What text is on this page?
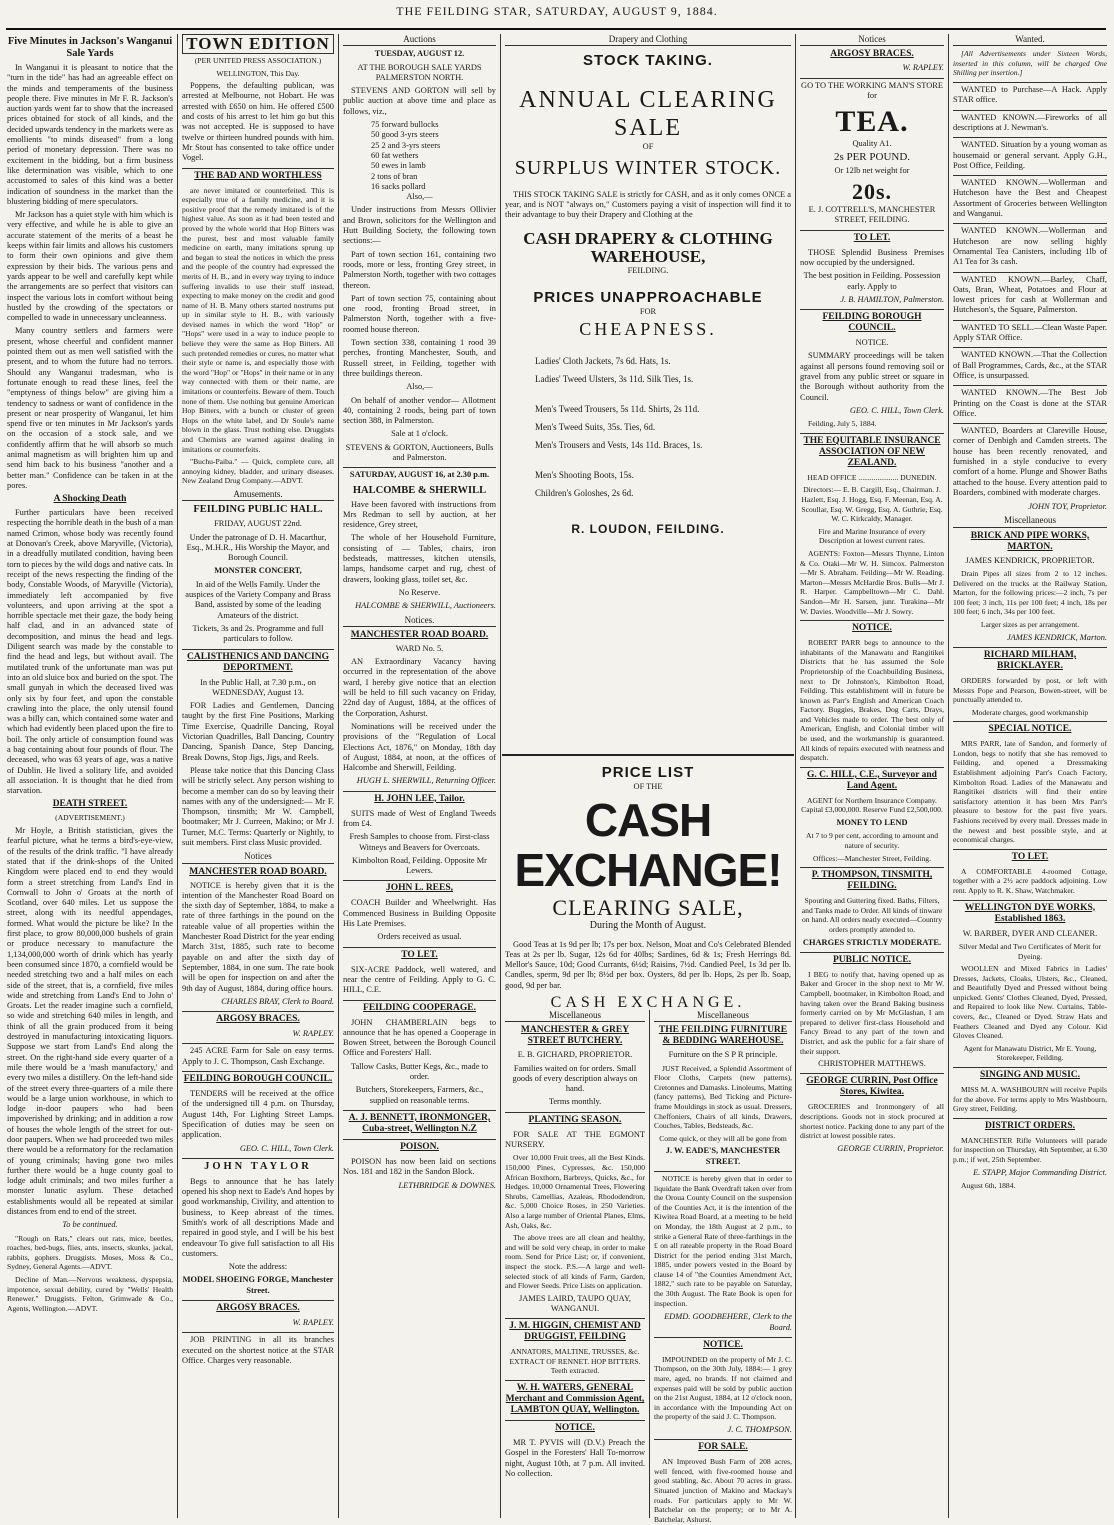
THE FEILDING STAR, SATURDAY, AUGUST 9, 1884.
Five Minutes in Jackson's Wanganui Sale Yards

In Wanganui it is pleasant to notice that the "turn in the tide" has had an agreeable effect on the minds and temperaments of the business people there. Five minutes in Mr F. R. Jackson's auction yards went far to show that the increased prices obtained for stock of all kinds, and the decided upwards tendency in the markets were as emollients "to minds diseased" from a long period of monetary depression. There was no excitement in the bidding, but a firm business like determination was visible, which to one accustomed to sales of this kind was a better indication of soundness in the market than the blustering bidding of mere speculators.

Mr Jackson has a quiet style with him which is very effective, and while he is able to give an accurate statement of the merits of a beast he keeps within fair limits and allows his customers to form their own opinions and give them expression by their bids. The various pens and yards appear to be well and carefully kept while the arrangements are so perfect that visitors can inspect the various lots in comfort without being hustled by the crowding of the spectators or compelled to wade in unnecessary uncleanness.

Many country settlers and farmers were present, whose cheerful and confident manner pointed them out as men well satisfied with the present, and to whom the future had no terrors. Should any Wanganui tradesman, who is fortunate enough to read these lines, feel the "emptyness of things below" are giving him a tendency to sadness or want of confidence in the present or near prosperity of Wanganui, let him spend five or ten minutes in Mr Jackson's yards on the occasion of a stock sale, and we confidently affirm that he will absorb so much animal magnetism as will brighten him up and send him back to his business "another and a better man." Confidence can be taken in at the pores.

A Shocking Death

Further particulars have been received respecting the horrible death in the bush of a man named Crimon, whose body was recently found at Donovan's Creek, above Maryville, (Victoria), in a dreadfully mutilated condition, having been torn to pieces by the wild dogs and native cats. In receipt of the news respecting the finding of the body, Constable Woods, of Maryville (Victoria), immediately left accompanied by five volunteers, and upon arriving at the spot a horrible spectacle met their gaze, the body being half clad, and in an advanced state of decomposition, and minus the head and legs. Diligent search was made by the constable to find the head and legs, but without avail. The mutilated trunk of the unfortunate man was put into an old sluice box and buried on the spot. The small gunyah in which the deceased lived was only six by four feet, and upon the constable crawling into the place, the only utensil found was a billy can, which contained some water and which had evidently been placed upon the fire to boil. The only article of consumption found was a bag containing about four pounds of flour. The deceased, who was 63 years of age, was a native of Dublin. He lived a solitary life, and avoided all association. It is thought that he died from starvation.

DEATH STREET.

(ADVERTISEMENT.)

Mr Hoyle, a British statistician, gives the fearful picture, what he terms a bird's-eye-view, of the results of the drink traffic. "I have already stated that if the drink-shops of the United Kingdom were placed end to end they would form a street stretching from Land's End in Cornwall to John o' Groats at the north of Scotland, over 640 miles. Let us suppose the street, along with its needful appendages, formed. What would the picture be like? In the first place, to grow 80,000,000 bushels of grain or produce necessary to manufacture the 1,134,000,000 worth of drink which has yearly been consumed since 1870, a cornfield would be needed stretching two and a half miles on each side of the street, that is, a cornfield, five miles wide and stretching from Land's End to John o' Groats. Let the reader imagine such a cornfield, so wide and stretching 640 miles in length, and think of all the grain produced from it being destroyed in manufacturing intoxicating liquors. Suppose we start from Land's End along the street. On the right-hand side every quarter of a mile there would be a 'mash manufactory,' and every two miles a distillery. On the left-hand side of the street every three-quarters of a mile there would be a large union workhouse, in which to lodge in-door paupers who had been impoverished by drinking; and in addition a row of houses the whole length of the street for out-door paupers. When we had proceeded two miles there would be a reformatory for the reclamation of young criminals; having gone two miles further there would be a huge county goal to lodge adult criminals; and two miles further a monster lunatic asylum. These detached establishments would all be repeated at similar distances from end to end of the street.

To be continued.

"Rough on Rats," clears out rats, mice, beetles, roaches, bed-bugs, flies, ants, insects, skunks, jackal, rabbits, gophers. Druggists. Moses, Moss & Co., Sydney, General Agents.—ADVT.

Decline of Man.—Nervous weakness, dyspepsia, impotence, sexual debility, cured by "Wells' Health Renewer." Druggists. Felton, Grimwade & Co., Agents, Wellington.—ADVT.

TOWN EDITION

(PER UNITED PRESS ASSOCIATION.)

WELLINGTON, This Day.

Poppens, the defaulting publican, was arrested at Melbourne, not Hobart. He was arrested with £650 on him. He offered £500 and costs of his arrest to let him go but this was not accepted. He is supposed to have twelve or thirteen hundred pounds with him. Mr Stout has consented to take office under Vogel.

THE BAD AND WORTHLESS

are never imitated or counterfeited. This is especially true of a family medicine, and it is positive proof that the remedy imitated is of the highest value. As soon as it had been tested and proved by the whole world that Hop Bitters was the purest, best and most valuable family medicine on earth, many imitations sprung up and began to steal the notices in which the press and the people of the country had expressed the merits of H. B., and in every way trying to induce suffering invalids to use their stuff instead, expecting to make money on the credit and good name of H. B. Many others started nostrums put up in similar style to H. B., with variously devised names in which the word "Hop" or "Hops" were used in a way to induce people to believe they were the same as Hop Bitters. All such pretended remedies or cures, no matter what their style or name is, and especially those with the word "Hop" or "Hops" in their name or in any way connected with them or their name, are imitations or counterfeits. Beware of them. Touch none of them. Use nothing but genuine American Hop Bitters, with a bunch or cluster of green Hops on the white label, and Dr Soule's name blown in the glass. Trust nothing else. Druggists and Chemists are warned against dealing in imitations or counterfeits.

"Buchu-Paiba." — Quick, complete cure, all annoying kidney, bladder, and urinary diseases. New Zealand Drug Company.—ADVT.

Amusements.
FEILDING PUBLIC HALL.

FRIDAY, AUGUST 22nd.

Under the patronage of D. H. Macarthur, Esq., M.H.R., His Worship the Mayor, and Borough Council.

MONSTER CONCERT,

In aid of the Wells Family. Under the auspices of the Variety Company and Brass Band, assisted by some of the leading Amateurs of the district.

Tickets, 3s and 2s. Programme and full particulars to follow.

CALISTHENICS AND DANCING DEPORTMENT.

In the Public Hall, at 7.30 p.m., on WEDNESDAY, August 13.

FOR Ladies and Gentlemen, Dancing taught by the first Fine Positions, Marking Time Exercise, Quadrille Dancing, Royal Victorian Quadrilles, Ball Dancing, Country Dancing, Spanish Dance, Step Dancing, Break Downs, Stop Jigs, Jigs, and Reels.

Please take notice that this Dancing Class will be strictly select. Any person wishing to become a member can do so by leaving their names with any of the undersigned:— Mr F. Thompson, tinsmith; Mr W. Campbell, bootmaker; Mr J. Curreen, Makino; or Mr J. Turner, M.C. Terms: Quarterly or Nightly, to suit members. First class Music provided.

Notices
MANCHESTER ROAD BOARD.

NOTICE is hereby given that it is the intention of the Manchester Road Board on the sixth day of September, 1884, to make a rate of three farthings in the pound on the rateable value of all properties within the Manchester Road District for the year ending March 31st, 1885, such rate to become payable on and after the sixth day of September, 1884, in one sum. The rate book will be open for inspection on and after the 9th day of August, 1884, during office hours.

CHARLES BRAY, Clerk to Board.

ARGOSY BRACES.

W. RAPLEY.

245 ACRE Farm for Sale on easy terms. Apply to J. C. Thompson, Cash Exchange.

FEILDING BOROUGH COUNCIL.

TENDERS will be received at the office of the undersigned till 4 p.m. on Thursday, August 14th, For Lighting Street Lamps. Specification of duties may be seen on application.

GEO. C. HILL, Town Clerk.

JOHN TAYLOR

Begs to announce that he has lately opened his shop next to Eade's And hopes by good workmanship, Civility, and attention to business, to Keep abreast of the times. Smith's work of all descriptions Made and repaired in good style, and I will be his best endeavour To give full satisfaction to all His customers.

Note the address:

MODEL SHOEING FORGE, Manchester Street.

ARGOSY BRACES.

W. RAPLEY.

JOB PRINTING in all its branches executed on the shortest notice at the STAR Office. Charges very reasonable.

Auctions

TUESDAY, AUGUST 12.

AT THE BOROUGH SALE YARDS PALMERSTON NORTH.

STEVENS AND GORTON will sell by public auction at above time and place as follows, viz.,

75 forward bullocks
50 good 3-yrs steers
25 2 and 3-yrs steers
60 fat wethers
50 ewes in lamb
2 tons of bran
16 sacks pollard

Also,—

Under instructions from Messrs Ollivier and Brown, solicitors for the Wellington and Hutt Building Society, the following town sections:—

Part of town section 161, containing two roods, more or less, fronting Grey street, in Palmerston North, together with two cottages thereon.

Part of town section 75, containing about one rood, fronting Broad street, in Palmerston North, together with a five-roomed house thereon.

Town section 338, containing 1 rood 39 perches, fronting Manchester, South, and Russell street, in Feilding, together with three buildings thereon.

Also,—

On behalf of another vendor— Allotment 40, containing 2 roods, being part of town section 388, in Palmerston.

Sale at 1 o'clock.

STEVENS & GORTON, Auctioneers, Bulls and Palmerston.

SATURDAY, AUGUST 16, at 2.30 p.m.

HALCOMBE & SHERWILL

Have been favored with instructions from Mrs Redman to sell by auction, at her residence, Grey street,

The whole of her Household Furniture, consisting of — Tables, chairs, iron bedsteads, mattresses, kitchen utensils, lamps, handsome carpet and rug, chest of drawers, looking glass, toilet set, &c.

No Reserve.

HALCOMBE & SHERWILL, Auctioneers.

Notices.
MANCHESTER ROAD BOARD.

WARD No. 5.

AN Extraordinary Vacancy having occurred in the representation of the above ward, I hereby give notice that an election will be held to fill such vacancy on Friday, 22nd day of August, 1884, at the offices of the Corporation, Ashurst.

Nominations will be received under the provisions of the "Regulation of Local Elections Act, 1876," on Monday, 18th day of August, 1884, at noon, at the offices of Halcombe and Sherwill, Feilding.

HUGH L. SHERWILL, Returning Officer.

H. JOHN LEE, Tailor.

SUITS made of West of England Tweeds from £4.

Fresh Samples to choose from. First-class Witneys and Beavers for Overcoats.

Kimbolton Road, Feilding. Opposite Mr Lewers.

JOHN L. REES,

COACH Builder and Wheelwright. Has Commenced Business in Building Opposite His Late Premises.

Orders received as usual.

TO LET.

SIX-ACRE Paddock, well watered, and near the centre of Feilding. Apply to G. C. HILL, C.E.

FEILDING COOPERAGE.

JOHN CHAMBERLAIN begs to announce that he has opened a Cooperage in Bowen Street, between the Borough Council Office and Foresters' Hall.

Tallow Casks, Butter Kegs, &c., made to order.

Butchers, Storekeepers, Farmers, &c., supplied on reasonable terms.

A. J. BENNETT, IRONMONGER, Cuba-street, Wellington N.Z
POISON.

POISON has now been laid on sections Nos. 181 and 182 in the Sandon Block.

LETHBRIDGE & DOWNES.

Drapery and Clothing
STOCK TAKING.
ANNUAL CLEARING SALE

OF

SURPLUS WINTER STOCK.

THIS STOCK TAKING SALE is strictly for CASH, and as it only comes ONCE a year, and is NOT "always on," Customers paying a visit of inspection will find it to their advantage to buy their Drapery and Clothing at the

CASH DRAPERY & CLOTHING WAREHOUSE,

FEILDING.

PRICES UNAPPROACHABLE

FOR

CHEAPNESS.
Ladies' Cloth Jackets, 7s 6d. Hats, 1s.
Ladies' Tweed Ulsters, 3s 11d. Silk Ties, 1s.
Men's Tweed Trousers, 5s 11d. Shirts, 2s 11d.
Men's Tweed Suits, 35s. Ties, 6d.
Men's Trousers and Vests, 14s 11d. Braces, 1s.
Men's Shooting Boots, 15s.
Children's Goloshes, 2s 6d.
R. LOUDON, FEILDING.
PRICE LIST

OF THE

CASH EXCHANGE!
CLEARING SALE,

During the Month of August.

Good Teas at 1s 9d per lb; 17s per box. Nelson, Moat and Co's Celebrated Blended Teas at 2s per lb. Sugar, 12s 6d for 40lbs; Sardines, 6d & 1s; Fresh Herrings 8d. Mellor's Sauce, 10d; Good Currants, 6½d; Raisins, 7½d. Candied Peel, 1s 3d per lb. Candles, sperm, 9d per lb; 8½d per box. Oysters, 8d per lb. Hops, 2s per lb. Soap, good, 9d per bar.

CASH EXCHANGE.
Miscellaneous
MANCHESTER & GREY STREET BUTCHERY.

E. B. GICHARD, PROPRIETOR.

Families waited on for orders. Small goods of every description always on hand.

Terms monthly.

PLANTING SEASON.

FOR SALE AT THE EGMONT NURSERY.

Over 10,000 Fruit trees, all the Best Kinds. 150,000 Pines, Cypresses, &c. 150,000 African Boxthorn, Barbreys, Quicks, &c., for Hedges. 10,000 Ornamental Trees, Flowering Shrubs, Camellias, Azaleas, Rhododendron, &c. 5,000 Choice Roses, in 250 Varieties. Also a large number of Oriental Planes, Elms, Ash, Oaks, &c.

The above trees are all clean and healthy, and will be sold very cheap, in order to make room. Send for Price List; or, if convenient, inspect the stock. P.S.—A large and well-selected stock of all kinds of Farm, Garden, and Flower Seeds. Price Lists on application.

JAMES LAIRD, TAUPO QUAY, WANGANUI.

J. M. HIGGIN, CHEMIST AND DRUGGIST, FEILDING

ANNATORS, MALTINE, TRUSSES, &c. EXTRACT OF RENNET. HOP BITTERS. Teeth extracted.

W. H. WATERS, GENERAL Merchant and Commission Agent, LAMBTON QUAY, Wellington.
NOTICE.

MR T. PYVIS will (D.V.) Preach the Gospel in the Foresters' Hall To-morrow night, August 10th, at 7 p.m. All invited. No collection.

Miscellaneous
THE FEILDING FURNITURE & BEDDING WAREHOUSE.

Furniture on the S P R principle.

JUST Received, a Splendid Assortment of Floor Cloths, Carpets (new patterns), Cretonnes and Damasks. Linoleums, Matting (fancy patterns), Bed Ticking and Picture-frame Mouldings in stock as usual. Dressers, Cheffoniers, Chairs of all kinds, Drawers, Couches, Tables, Bedsteads, &c.

Come quick, or they will all be gone from

J. W. EADE'S, MANCHESTER STREET.

NOTICE is hereby given that in order to liquidate the Bank Overdraft taken over from the Oroua County Council on the suspension of the Counties Act, it is the intention of the Kiwitea Road Board, at a meeting to be held on Monday, the 18th August at 2 p.m., to strike a General Rate of three-farthings in the £ on all rateable property in the Road Board District for the period ending 31st March, 1885, under powers vested in the Board by clause 14 of "the Counties Amendment Act, 1882," such rate to be payable on Saturday, the 30th August. The Rate Book is open for inspection.

EDMD. GOODBEHERE, Clerk to the Board.

NOTICE.

IMPOUNDED on the property of Mr J. C. Thompson, on the 30th July, 1884:— 1 grey mare, aged, no brands. If not claimed and expenses paid will be sold by public auction on the 21st August, 1884, at 12 o'clock noon, in accordance with the Impounding Act on the property of the said J. C. Thompson.

J. C. THOMPSON.

FOR SALE.

AN Improved Bush Farm of 208 acres, well fenced, with five-roomed house and good stabling, &c. About 70 acres in grass. Situated junction of Makino and Mackay's roads. For particulars apply to Mr W. Batchelar on the property; or to Mr A. Batchelar, Ashurst.

Notices
ARGOSY BRACES.

W. RAPLEY.

GO TO THE WORKING MAN'S STORE for

TEA.

Quality A1.

2s PER POUND.

Or 12lb net weight for

20s.

E. J. COTTRELL'S, MANCHESTER STREET, FEILDING.

TO LET.

THOSE Splendid Business Premises now occupied by the undersigned.

The best position in Feilding. Possession early. Apply to

J. B. HAMILTON, Palmerston.

FEILDING BOROUGH COUNCIL.

NOTICE.

SUMMARY proceedings will be taken against all persons found removing soil or gravel from any public street or square in the Borough without authority from the Council.

GEO. C. HILL, Town Clerk.

Feilding, July 5, 1884.

THE EQUITABLE INSURANCE ASSOCIATION OF NEW ZEALAND.

HEAD OFFICE ..................... DUNEDIN.

Directors:— E. B. Cargill, Esq., Chairman. J. Hazlett, Esq. J. Hogg, Esq. F. Meenan, Esq. A. Scoullar, Esq. W. Gregg, Esq. A. Guthrie, Esq. W. C. Kirkcaldy, Manager.

Fire and Marine Insurance of every Description at lowest current rates.

AGENTS: Foxton—Messrs Thynne, Linton & Co. Otaki—Mr W. H. Simcox. Palmerston—Mr S. Abraham. Feilding—Mr W. Reading. Marton—Messrs McHardie Bros. Bulls—Mr J. R. Harper. Campbelltown—Mr C. Dahl. Sandon—Mr H. Sarsen, junr. Turakina—Mr W. Davies. Woodville—Mr J. Sowry.

NOTICE.

ROBERT PARR begs to announce to the inhabitants of the Manawatu and Rangitikei Districts that he has assumed the Sole Proprietorship of the Coachbuilding Business, next to Dr Johnston's, Kimbolton Road, Feilding. This establishment will in future be known as Parr's English and American Coach Factory. Buggies, Brakes, Dog Carts, Drays, and Vehicles made to order. The best only of American, English, and Colonial timber will be used, and the workmanship is guaranteed. All kinds of repairs executed with neatness and despatch.

G. C. HILL, C.E., Surveyor and Land Agent.

AGENT for Northern Insurance Company. Capital £3,000,000. Reserve Fund £2,500,000.

MONEY TO LEND

At 7 to 9 per cent, according to amount and nature of security.

Offices:—Manchester Street, Feilding.

P. THOMPSON, TINSMITH, FEILDING.

Spouting and Guttering fixed. Baths, Filters, and Tanks made to Order. All kinds of tinware on hand. All orders neatly executed—Country orders promptly attended to.

CHARGES STRICTLY MODERATE.

PUBLIC NOTICE.

I BEG to notify that, having opened up as Baker and Grocer in the shop next to Mr W. Campbell, bootmaker, in Kimbolton Road, and having taken over the Brand Baking business formerly carried on by Mr McGlashan, I am prepared to deliver first-class Household and Fancy Bread to any part of the town and District, and ask the public for a fair share of their support.

CHRISTOPHER MATTHEWS.

GEORGE CURRIN, Post Office Stores, Kiwitea.

GROCERIES and Ironmongery of all descriptions. Goods not in stock procured at shortest notice. Packing done to any part of the district at lowest possible rates.

GEORGE CURRIN, Proprietor.

Wanted.

[All Advertisements under Sixteen Words, inserted in this column, will be charged One Shilling per insertion.]

WANTED to Purchase—A Hack. Apply STAR office.

WANTED KNOWN.—Fireworks of all descriptions at J. Newman's.

WANTED. Situation by a young woman as housemaid or general servant. Apply G.H., Post Office, Feilding.

WANTED KNOWN.—Wollerman and Hutcheson have the Best and Cheapest Assortment of Groceries between Wellington and Wanganui.

WANTED KNOWN.—Wollerman and Hutcheson are now selling highly Ornamental Tea Canisters, including 1lb of A1 Tea for 3s cash.

WANTED KNOWN.—Barley, Chaff, Oats, Bran, Wheat, Potatoes and Flour at lowest prices for cash at Wollerman and Hutcheson's, the Square, Palmerston.

WANTED TO SELL.—Clean Waste Paper. Apply STAR Office.

WANTED KNOWN.—That the Collection of Ball Programmes, Cards, &c., at the STAR Office, is unsurpassed.

WANTED KNOWN.—The Best Job Printing on the Coast is done at the STAR Office.

WANTED, Boarders at Clareville House, corner of Denbigh and Camden streets. The house has been recently renovated, and furnished in a style conducive to every comfort of a home. Plunge and Shower Baths attached to the house. Every attention paid to Boarders, combined with moderate charges.

JOHN TOY, Proprietor.

Miscellaneous
BRICK AND PIPE WORKS, MARTON.

JAMES KENDRICK, PROPRIETOR.

Drain Pipes all sizes from 2 to 12 inches. Delivered on the trucks at the Railway Station, Marton, for the following prices:—2 inch, 7s per 100 feet; 3 inch, 11s per 100 feet; 4 inch, 18s per 100 feet; 6 inch, 34s per 100 feet.

Larger sizes as per arrangement.

JAMES KENDRICK, Marton.

RICHARD MILHAM, BRICKLAYER.

ORDERS forwarded by post, or left with Messrs Pope and Pearson, Bowen-street, will be punctually attended to.

Moderate charges, good workmanship

SPECIAL NOTICE.

MRS PARR, late of Sandon, and formerly of London, begs to notify that she has removed to Feilding, and opened a Dressmaking Establishment adjoining Parr's Coach Factory, Kimbolton Road. Ladies of the Manawatu and Rangitikei districts will find their entire satisfactory attention it has been Mrs Parr's pleasure to bestow for the past five years. Fashions received by every mail. Dresses made in the newest and best possible style, and at economical charges.

TO LET.

A COMFORTABLE 4-roomed Cottage, together with a 2½ acre paddock adjoining. Low rent. Apply to R. K. Shaw, Watchmaker.

WELLINGTON DYE WORKS, Established 1863.

W. BARBER, DYER AND CLEANER.

Silver Medal and Two Certificates of Merit for Dyeing.

WOOLLEN and Mixed Fabrics in Ladies' Dresses, Jackets, Cloaks, Ulsters, &c., Cleaned, and Beautifully Dyed and Pressed without being unpicked. Gents' Clothes Cleaned, Dyed, Pressed, and Repaired to look like New. Curtains, Table-covers, &c., Cleaned or Dyed. Straw Hats and Feathers Cleaned and Dyed any Colour. Kid Gloves Cleaned.

Agent for Manawatu District, Mr E. Young, Storekeeper, Feilding.

SINGING AND MUSIC.

MISS M. A. WASHBOURN will receive Pupils for the above. For terms apply to Mrs Washbourn, Grey street, Feilding.

DISTRICT ORDERS.

MANCHESTER Rifle Volunteers will parade for inspection on Thursday, 4th September, at 6.30 p.m.; if wet, 25th September.

E. STAPP, Major Commanding District.

August 6th, 1884.
